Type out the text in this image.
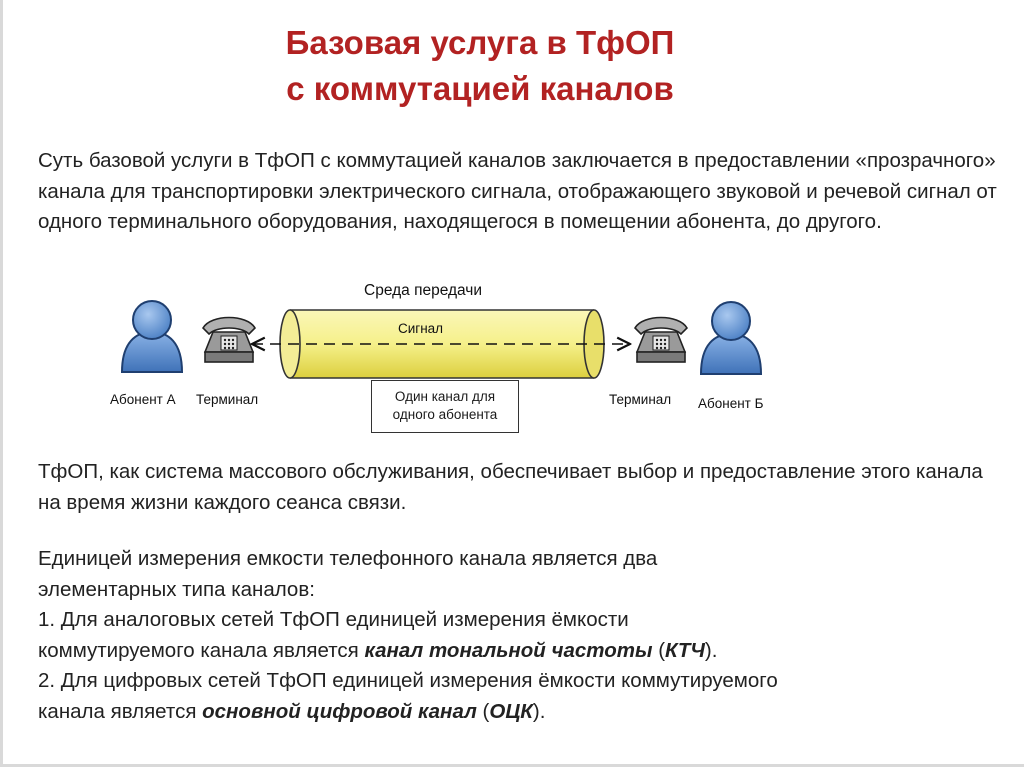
Базовая услуга в ТфОП
с коммутацией каналов

Суть базовой услуги в ТфОП с коммутацией каналов заключается в предоставлении «прозрачного» канала для транспортировки электрического сигнала, отображающего звуковой и речевой сигнал от одного терминального оборудования, находящегося в помещении абонента, до другого.

Среда передачи
Сигнал
Абонент А Терминал	Терминал Абонент Б
Один канал для
одного абонента

ТфОП, как система массового обслуживания, обеспечивает выбор и предоставление этого канала на время жизни каждого сеанса связи.

Единицей измерения емкости телефонного канала является два
элементарных типа каналов:
1. Для аналоговых сетей ТфОП единицей измерения ёмкости
коммутируемого канала является канал тональной частоты (КТЧ).
2. Для цифровых сетей ТфОП единицей измерения ёмкости коммутируемого
канала является основной цифровой канал (ОЦК).
